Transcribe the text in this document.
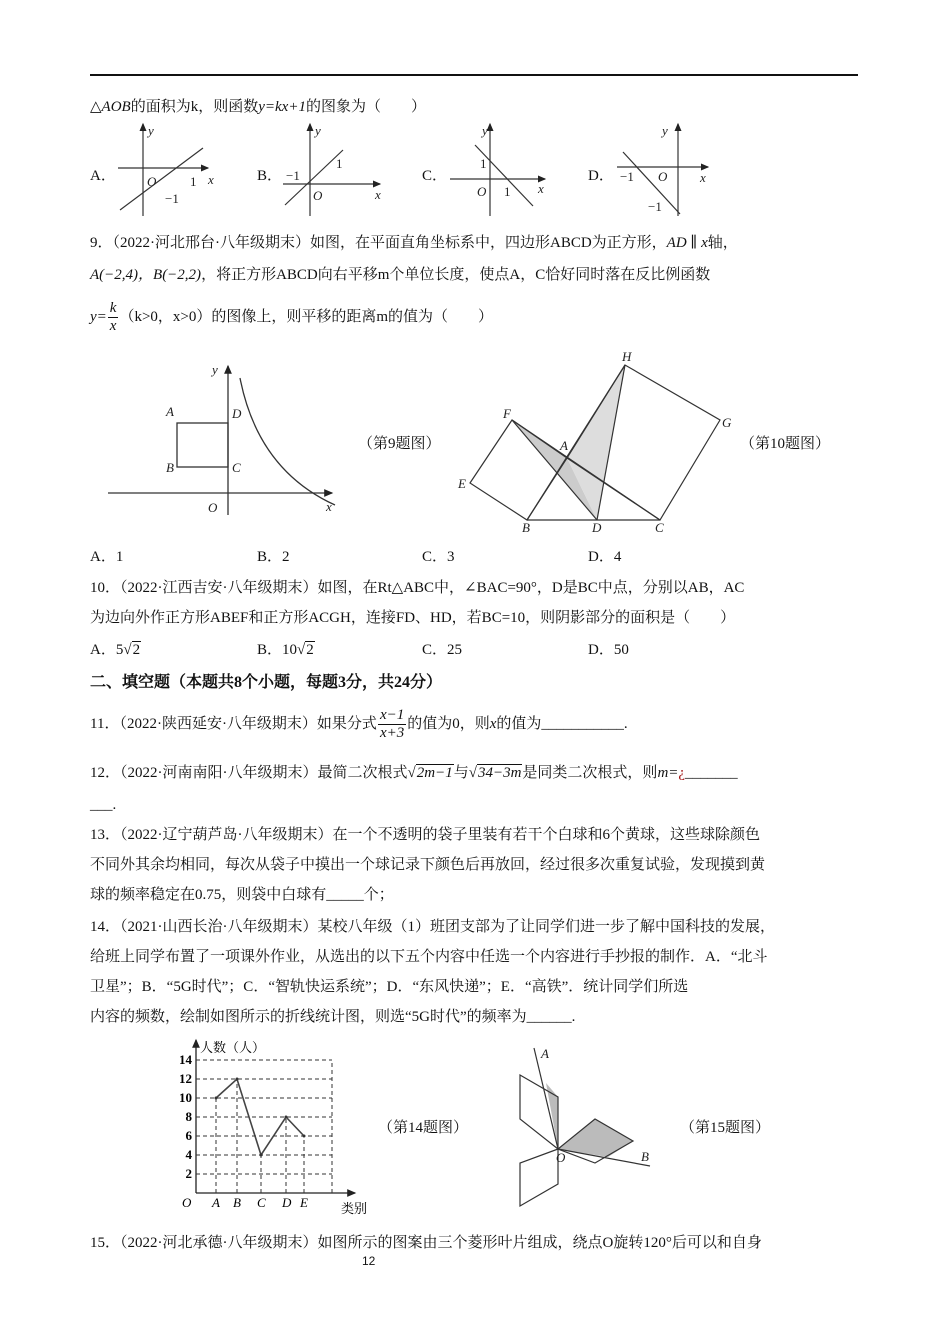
△AOB的面积为k，则函数y=kx+1的图象为（　　）
A．	B．	C．	D．
y
O	x
y
O	x
y
O	x
y
O	x
1
−1
−1
1	1
1
−1
−1
9．（2022·河北邢台·八年级期末）如图，在平面直角坐标系中，四边形ABCD为正方形，AD ∥ x轴，
A(−2,4)，B(−2,2)，将正方形ABCD向右平移m个单位长度，使点A，C恰好同时落在反比例函数
$y= \frac{k}{x} (k>0$，x>0）的图像上，则平移的距离m的值为（　　）
A
B	C
D
O	x
y
（第9题图）
H
F
G
A
E
B	D	C
（第10题图）
A．1	B．2	C．3	D．4
10．（2022·江西吉安·八年级期末）如图，在Rt△ABC中，∠BAC=90°，D是BC中点，分别以AB，AC
为边向外作正方形ABEF和正方形ACGH，连接FD、HD，若BC=10，则阴影部分的面积是（　　）
A．5√2	B．10√2	C．25	D．50
二、填空题（本题共8个小题，每题3分，共24分）
11．（2022·陕西延安·八年级期末）如果分式 $\frac{x-1}{x+3}$ 的值为0，则x的值为___________.
12．（2022·河南南阳·八年级期末）最简二次根式√2m−1与√34−3m是同类二次根式，则m=¿_______
___.
13．（2022·辽宁葫芦岛·八年级期末）在一个不透明的袋子里装有若干个白球和6个黄球，这些球除颜色
不同外其余均相同，每次从袋子中摸出一个球记录下颜色后再放回，经过很多次重复试验，发现摸到黄
球的频率稳定在0.75，则袋中白球有_____个；
14．（2021·山西长治·八年级期末）某校八年级（1）班团支部为了让同学们进一步了解中国科技的发展，
给班上同学布置了一项课外作业，从选出的以下五个内容中任选一个内容进行手抄报的制作．A．“北斗
卫星”；B．“5G时代”；C．“智轨快运系统”；D．“东风快递”；E．“高铁”．统计同学们所选
内容的频数，绘制如图所示的折线统计图，则选“5G时代”的频率为______.
2
4
6
8
10
12
14
A B C D E
人数（人）
类别
O
（第14题图）
A
B
O
（第15题图）
15．（2022·河北承德·八年级期末）如图所示的图案由三个菱形叶片组成，绕点O旋转120°后可以和自身
12
